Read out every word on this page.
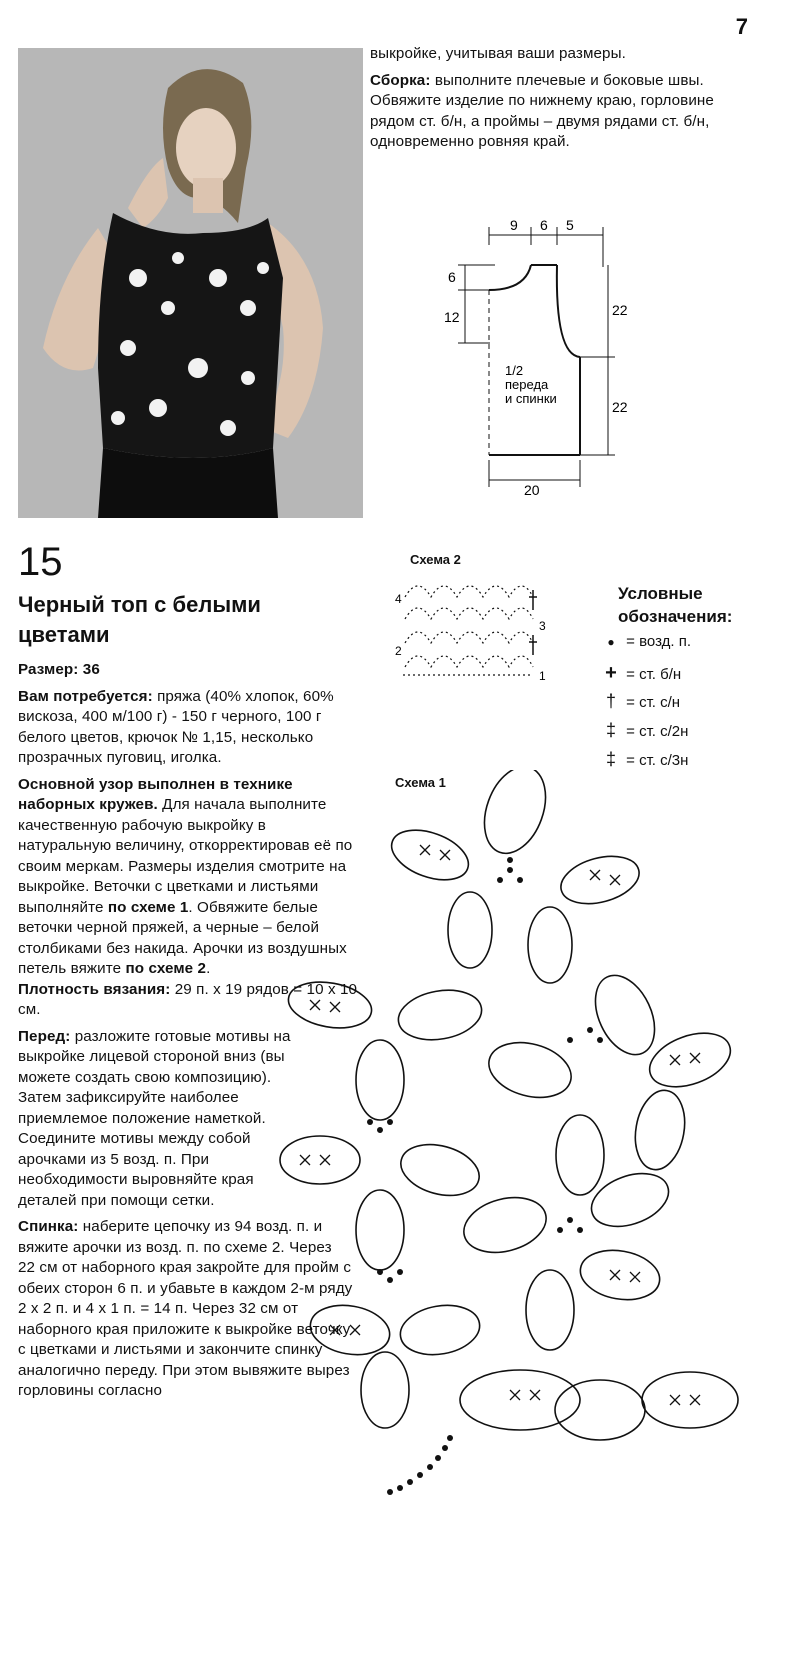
7

выкройке, учитывая ваши размеры.

Сборка: выполните плечевые и боковые швы. Обвяжите изделие по нижнему краю, горловине рядом ст. б/н, а проймы – двумя рядами ст. б/н, одновременно ровняя край.

9 6 5
6
12	22
22
20
1/2
переда
и спинки
15
Черный топ с белыми цветами

Размер: 36

Вам потребуется: пряжа (40% хлопок, 60% вискоза, 400 м/100 г) - 150 г черного, 100 г белого цветов, крючок № 1,15, несколько прозрачных пуговиц, иголка.

Основной узор выполнен в технике наборных кружев. Для начала выполните качественную рабочую выкройку в натуральную величину, откорректировав её по своим меркам. Размеры изделия смотрите на выкройке. Веточки с цветками и листьями выполняйте по схеме 1. Обвяжите белые веточки черной пряжей, а черные – белой столбиками без накида. Арочки из воздушных петель вяжите по схеме 2.
Плотность вязания: 29 п. х 19 рядов = 10 х 10 см.

Перед: разложите готовые мотивы на выкройке лицевой стороной вниз (вы можете создать свою композицию). Затем зафиксируйте наиболее приемлемое положение наметкой. Соедините мотивы между собой арочками из 5 возд. п. При необходимости выровняйте края деталей при помощи сетки.

Спинка: наберите цепочку из 94 возд. п. и вяжите арочки из возд. п. по схеме 2. Через 22 см от наборного края закройте для пройм с обеих сторон 6 п. и убавьте в каждом 2-м ряду 2 х 2 п. и 4 х 1 п. = 14 п. Через 32 см от наборного края приложите к выкройке веточку с цветками и листьями и закончите спинку аналогично переду. При этом вывяжите вырез горловины согласно

Схема 2
4
3
2
1
Условные обозначения:
● = возд. п.
+ = ст. б/н
† = ст. с/н
‡ = ст. с/2н
‡ = ст. с/3н
Схема 1
